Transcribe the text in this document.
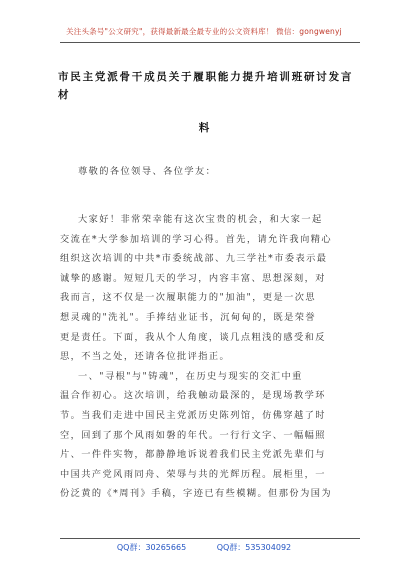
关注头条号"公文研究"，获得最新最全最专业的公文资料库！ 微信：gongwenyj
市民主党派骨干成员关于履职能力提升培训班研讨发言材
料
尊敬的各位领导、各位学友：
大家好！非常荣幸能有这次宝贵的机会，和大家一起
交流在*大学参加培训的学习心得。首先，请允许我向精心
组织这次培训的中共*市委统战部、九三学社*市委表示最
诚挚的感谢。短短几天的学习，内容丰富、思想深刻，对
我而言，这不仅是一次履职能力的"加油"，更是一次思
想灵魂的"洗礼"。手捧结业证书，沉甸甸的，既是荣誉
更是责任。下面，我从个人角度，谈几点粗浅的感受和反
思，不当之处，还请各位批评指正。
一、"寻根"与"铸魂"，在历史与现实的交汇中重
温合作初心。这次培训，给我触动最深的，是现场教学环
节。当我们走进中国民主党派历史陈列馆，仿佛穿越了时
空，回到了那个风雨如磐的年代。一行行文字、一幅幅照
片、一件件实物，都静静地诉说着我们民主党派先辈们与
中国共产党风雨同舟、荣辱与共的光辉历程。展柜里，一
份泛黄的《*周刊》手稿，字迹已有些模糊。但那份为国为
QQ群：30265665	QQ群：535304092
